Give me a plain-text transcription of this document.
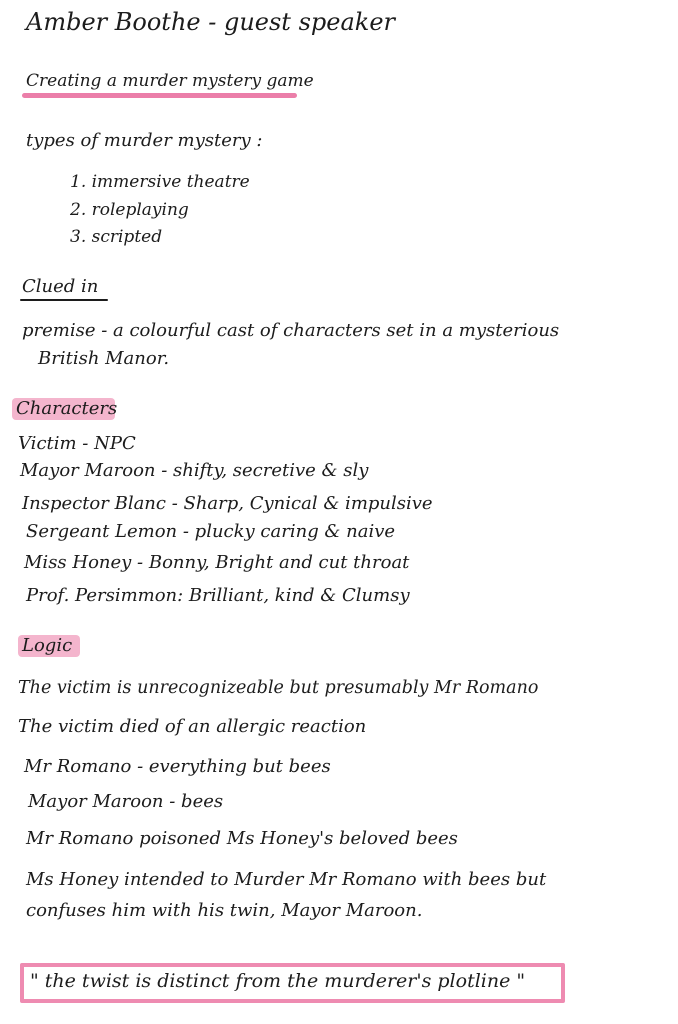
Amber Boothe - guest speaker
Creating a murder mystery game
types of murder mystery :
1. immersive theatre
2. roleplaying
3. scripted
Clued in
premise - a colourful cast of characters set in a mysterious
British Manor.
Characters
Victim - NPC
Mayor Maroon - shifty, secretive & sly
Inspector Blanc - Sharp, Cynical & impulsive
Sergeant Lemon - plucky caring & naive
Miss Honey - Bonny, Bright and cut throat
Prof. Persimmon: Brilliant, kind & Clumsy
Logic
The victim is unrecognizeable but presumably Mr Romano
The victim died of an allergic reaction
Mr Romano - everything but bees
Mayor Maroon - bees
Mr Romano poisoned Ms Honey's beloved bees
Ms Honey intended to Murder Mr Romano with bees but
confuses him with his twin, Mayor Maroon.
" the twist is distinct from the murderer's plotline "
